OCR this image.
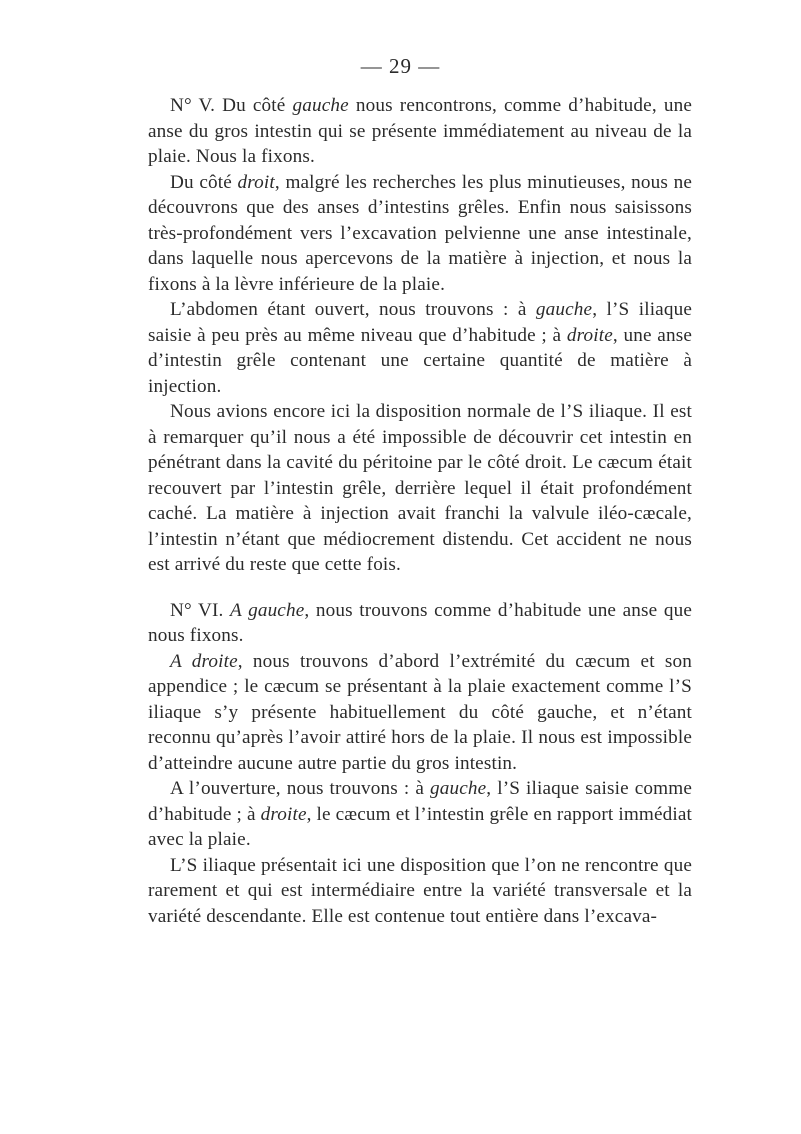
— 29 —

N° V. Du côté gauche nous rencontrons, comme d’habitude, une anse du gros intestin qui se présente immédiatement au niveau de la plaie. Nous la fixons.

Du côté droit, malgré les recherches les plus minutieuses, nous ne découvrons que des anses d’intestins grêles. Enfin nous saisissons très-profondément vers l’excavation pelvienne une anse intestinale, dans laquelle nous apercevons de la matière à injection, et nous la fixons à la lèvre inférieure de la plaie.

L’abdomen étant ouvert, nous trouvons : à gauche, l’S iliaque saisie à peu près au même niveau que d’habitude ; à droite, une anse d’intestin grêle contenant une certaine quantité de matière à injection.

Nous avions encore ici la disposition normale de l’S iliaque. Il est à remarquer qu’il nous a été impossible de découvrir cet intestin en pénétrant dans la cavité du péritoine par le côté droit. Le cæcum était recouvert par l’intestin grêle, derrière lequel il était profondément caché. La matière à injection avait franchi la valvule iléo-cæcale, l’intestin n’étant que médiocrement distendu. Cet accident ne nous est arrivé du reste que cette fois.

N° VI. A gauche, nous trouvons comme d’habitude une anse que nous fixons.

A droite, nous trouvons d’abord l’extrémité du cæcum et son appendice ; le cæcum se présentant à la plaie exactement comme l’S iliaque s’y présente habituellement du côté gauche, et n’étant reconnu qu’après l’avoir attiré hors de la plaie. Il nous est impossible d’atteindre aucune autre partie du gros intestin.

A l’ouverture, nous trouvons : à gauche, l’S iliaque saisie comme d’habitude ; à droite, le cæcum et l’intestin grêle en rapport immédiat avec la plaie.

L’S iliaque présentait ici une disposition que l’on ne rencontre que rarement et qui est intermédiaire entre la variété transversale et la variété descendante. Elle est contenue tout entière dans l’excava-
